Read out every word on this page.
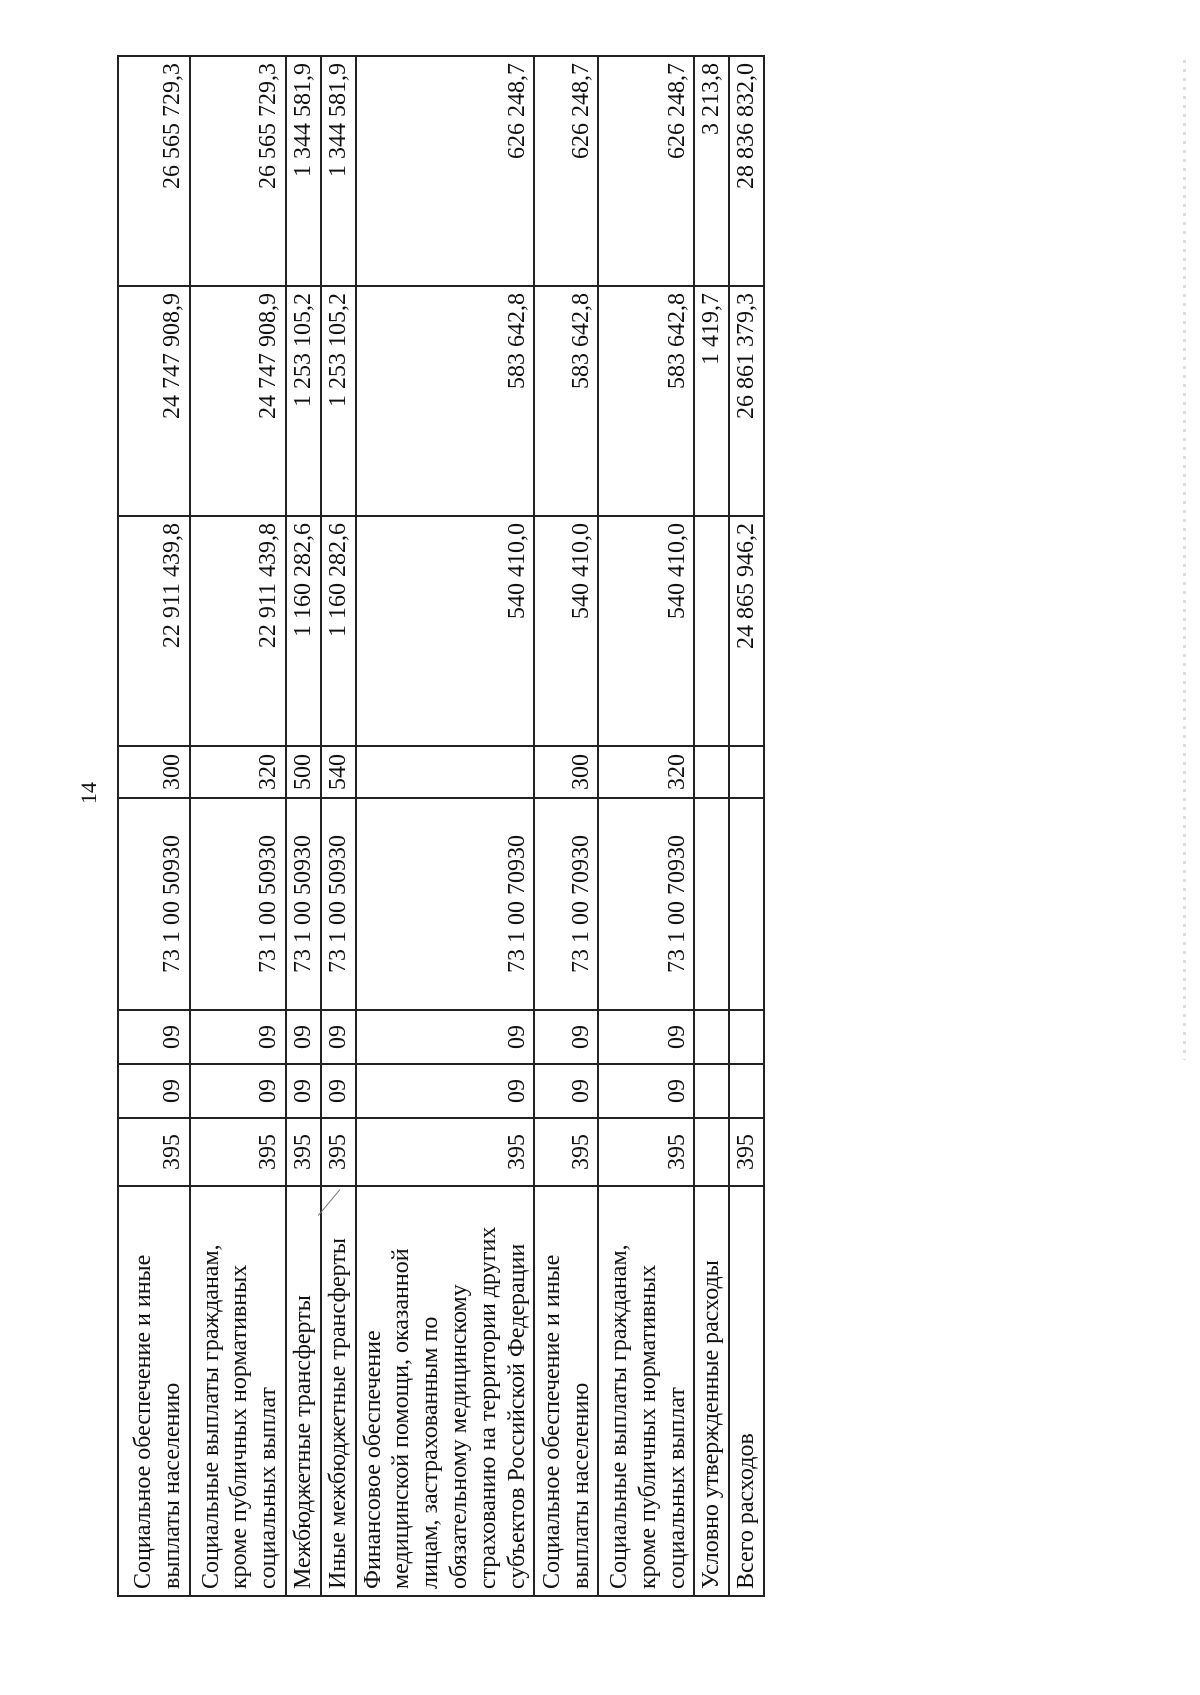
14
Социальное обеспечение и иные выплаты населению	395	09	09	73 1 00 50930	300	22 911 439,8	24 747 908,9	26 565 729,3
Социальные выплаты гражданам, кроме публичных нормативных социальных выплат	395	09	09	73 1 00 50930	320	22 911 439,8	24 747 908,9	26 565 729,3
Межбюджетные трансферты	395	09	09	73 1 00 50930	500	1 160 282,6	1 253 105,2	1 344 581,9
Иные межбюджетные трансферты	395	09	09	73 1 00 50930	540	1 160 282,6	1 253 105,2	1 344 581,9
Финансовое обеспечение медицинской помощи, оказанной лицам, застрахованным по обязательному медицинскому страхованию на территории других субъектов Российской Федерации	395	09	09	73 1 00 70930		540 410,0	583 642,8	626 248,7
Социальное обеспечение и иные выплаты населению	395	09	09	73 1 00 70930	300	540 410,0	583 642,8	626 248,7
Социальные выплаты гражданам, кроме публичных нормативных социальных выплат	395	09	09	73 1 00 70930	320	540 410,0	583 642,8	626 248,7
Условно утвержденные расходы							1 419,7	3 213,8
Всего расходов	395					24 865 946,2	26 861 379,3	28 836 832,0
